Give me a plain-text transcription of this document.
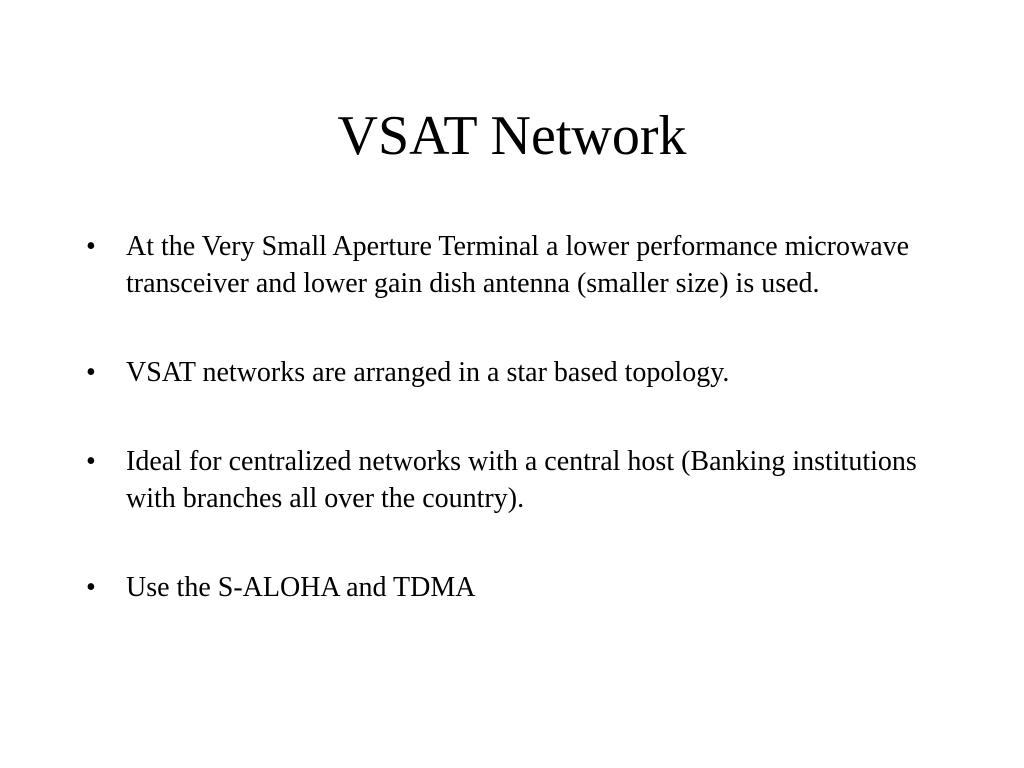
VSAT Network
•	At the Very Small Aperture Terminal a lower performance microwave transceiver and lower gain dish antenna (smaller size) is used.
•	VSAT networks are arranged in a star based topology.
•	Ideal for centralized networks with a central host (Banking institutions with branches all over the country).
•	Use the S-ALOHA and TDMA
